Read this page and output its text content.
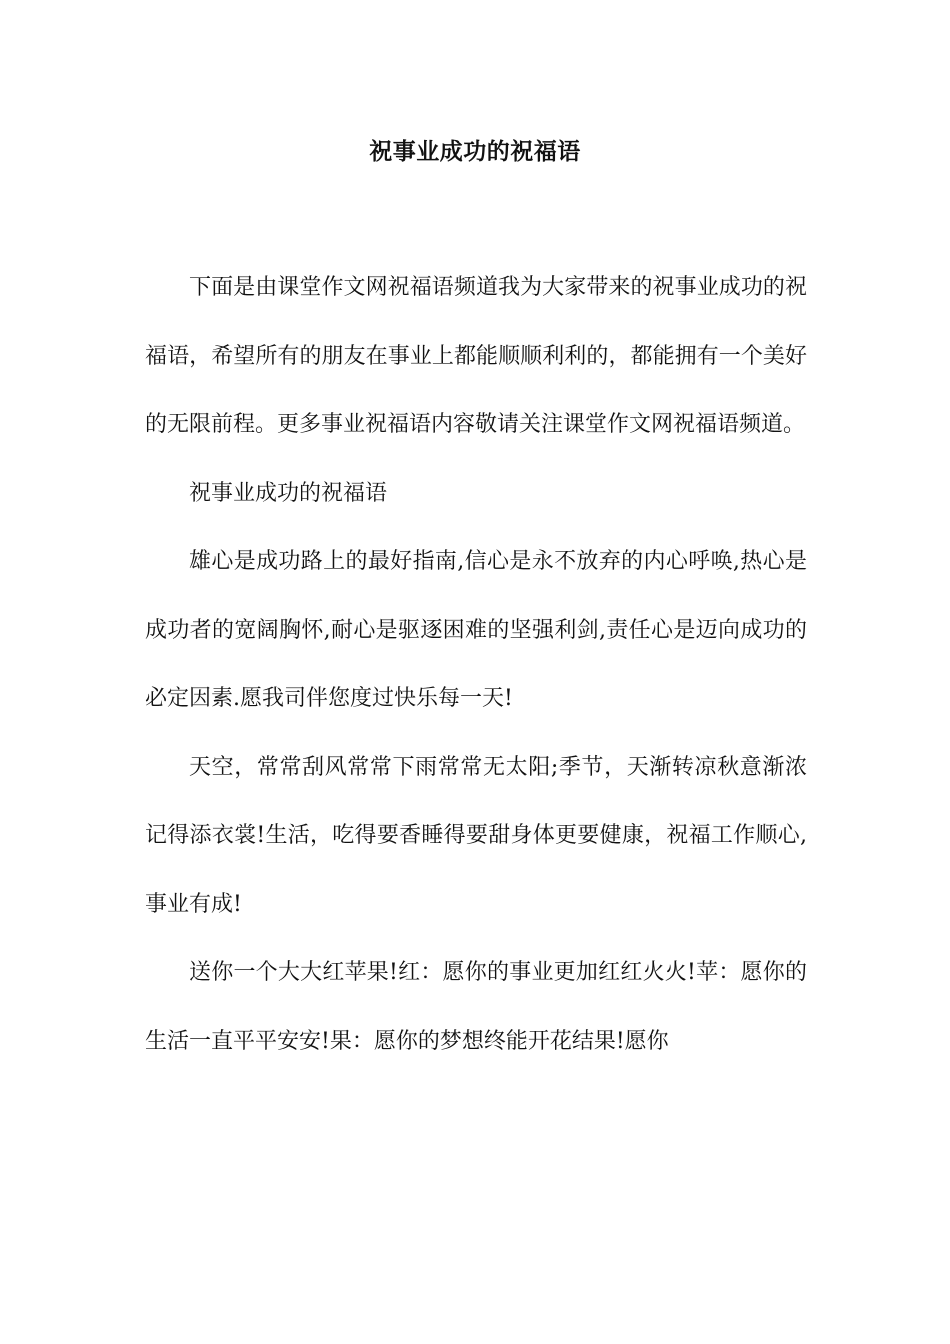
祝事业成功的祝福语

下面是由课堂作文网祝福语频道我为大家带来的祝事业成功的祝福语，希望所有的朋友在事业上都能顺顺利利的，都能拥有一个美好的无限前程。更多事业祝福语内容敬请关注课堂作文网祝福语频道。

祝事业成功的祝福语

雄心是成功路上的最好指南,信心是永不放弃的内心呼唤,热心是成功者的宽阔胸怀,耐心是驱逐困难的坚强利剑,责任心是迈向成功的必定因素.愿我司伴您度过快乐每一天!

天空，常常刮风常常下雨常常无太阳;季节，天渐转凉秋意渐浓记得添衣裳!生活，吃得要香睡得要甜身体更要健康，祝福工作顺心,事业有成!

送你一个大大红苹果!红：愿你的事业更加红红火火!苹：愿你的生活一直平平安安!果：愿你的梦想终能开花结果!愿你
